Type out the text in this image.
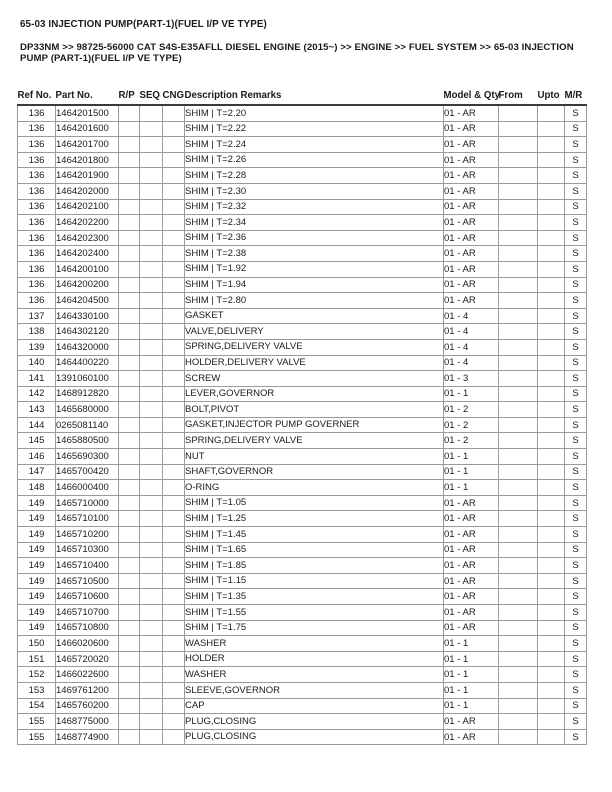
65-03 INJECTION PUMP(PART-1)(FUEL I/P VE TYPE)
DP33NM >> 98725-56000 CAT S4S-E35AFLL DIESEL ENGINE (2015~) >> ENGINE >> FUEL SYSTEM >> 65-03 INJECTION PUMP (PART-1)(FUEL I/P VE TYPE)
Ref No.	Part No.	R/P	SEQ	CNG	Description Remarks	Model & Qty	From	Upto	M/R
136	1464201500				SHIM | T=2.20	01 - AR			S
136	1464201600				SHIM | T=2.22	01 - AR			S
136	1464201700				SHIM | T=2.24	01 - AR			S
136	1464201800				SHIM | T=2.26	01 - AR			S
136	1464201900				SHIM | T=2.28	01 - AR			S
136	1464202000				SHIM | T=2.30	01 - AR			S
136	1464202100				SHIM | T=2.32	01 - AR			S
136	1464202200				SHIM | T=2.34	01 - AR			S
136	1464202300				SHIM | T=2.36	01 - AR			S
136	1464202400				SHIM | T=2.38	01 - AR			S
136	1464200100				SHIM | T=1.92	01 - AR			S
136	1464200200				SHIM | T=1.94	01 - AR			S
136	1464204500				SHIM | T=2.80	01 - AR			S
137	1464330100				GASKET	01 - 4			S
138	1464302120				VALVE,DELIVERY	01 - 4			S
139	1464320000				SPRING,DELIVERY VALVE	01 - 4			S
140	1464400220				HOLDER,DELIVERY VALVE	01 - 4			S
141	1391060100				SCREW	01 - 3			S
142	1468912820				LEVER,GOVERNOR	01 - 1			S
143	1465680000				BOLT,PIVOT	01 - 2			S
144	0265081140				GASKET,INJECTOR PUMP GOVERNER	01 - 2			S
145	1465880500				SPRING,DELIVERY VALVE	01 - 2			S
146	1465690300				NUT	01 - 1			S
147	1465700420				SHAFT,GOVERNOR	01 - 1			S
148	1466000400				O-RING	01 - 1			S
149	1465710000				SHIM | T=1.05	01 - AR			S
149	1465710100				SHIM | T=1.25	01 - AR			S
149	1465710200				SHIM | T=1.45	01 - AR			S
149	1465710300				SHIM | T=1.65	01 - AR			S
149	1465710400				SHIM | T=1.85	01 - AR			S
149	1465710500				SHIM | T=1.15	01 - AR			S
149	1465710600				SHIM | T=1.35	01 - AR			S
149	1465710700				SHIM | T=1.55	01 - AR			S
149	1465710800				SHIM | T=1.75	01 - AR			S
150	1466020600				WASHER	01 - 1			S
151	1465720020				HOLDER	01 - 1			S
152	1466022600				WASHER	01 - 1			S
153	1469761200				SLEEVE,GOVERNOR	01 - 1			S
154	1465760200				CAP	01 - 1			S
155	1468775000				PLUG,CLOSING	01 - AR			S
155	1468774900				PLUG,CLOSING	01 - AR			S
